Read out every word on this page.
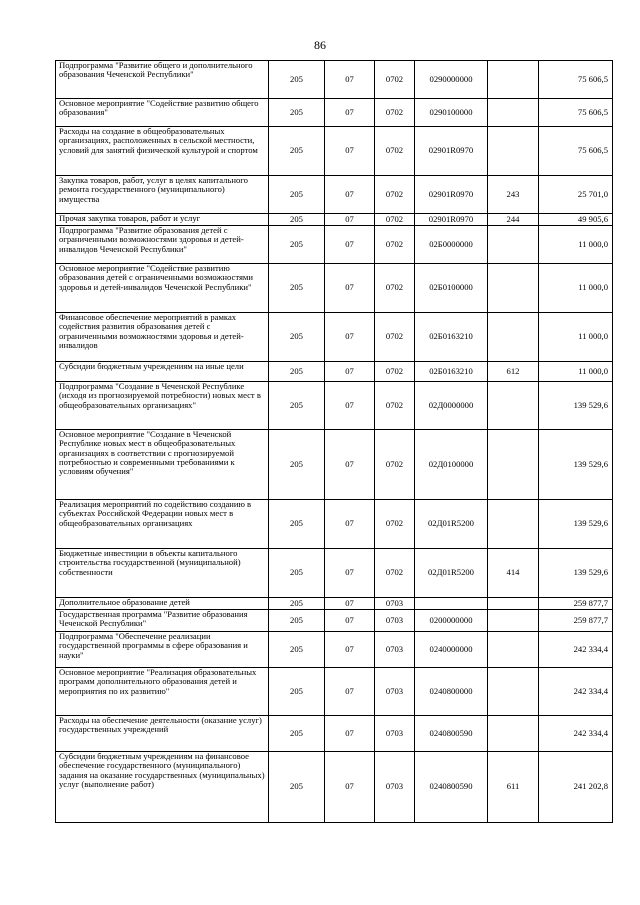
86
Подпрограмма "Развитие общего и дополнительного образования Чеченской Республики"	205	07	0702	0290000000		75 606,5
Основное мероприятие "Содействие развитию общего образования"	205	07	0702	0290100000		75 606,5
Расходы на создание в общеобразовательных организациях, расположенных в сельской местности, условий для занятий физической культурой и спортом	205	07	0702	02901R0970		75 606,5
Закупка товаров, работ, услуг в целях капитального ремонта государственного (муниципального) имущества	205	07	0702	02901R0970	243	25 701,0
Прочая закупка товаров, работ и услуг	205	07	0702	02901R0970	244	49 905,6
Подпрограмма "Развитие образования детей с ограниченными возможностями здоровья и детей-инвалидов Чеченской Республики"	205	07	0702	02Б0000000		11 000,0
Основное мероприятие "Содействие развитию образования детей с ограниченными возможностями здоровья и детей-инвалидов Чеченской Республики"	205	07	0702	02Б0100000		11 000,0
Финансовое обеспечение мероприятий в рамках содействия развития образования детей с ограниченными возможностями здоровья и детей-инвалидов	205	07	0702	02Б0163210		11 000,0
Субсидии бюджетным учреждениям на иные цели	205	07	0702	02Б0163210	612	11 000,0
Подпрограмма "Создание в Чеченской Республике (исходя из прогнозируемой потребности) новых мест в общеобразовательных организациях"	205	07	0702	02Д0000000		139 529,6
Основное мероприятие "Создание в Чеченской Республике новых мест в общеобразовательных организациях в соответствии с прогнозируемой потребностью и современными требованиями к условиям обучения"	205	07	0702	02Д0100000		139 529,6
Реализация мероприятий по содействию созданию в субъектах Российской Федерации новых мест в общеобразовательных организациях	205	07	0702	02Д01R5200		139 529,6
Бюджетные инвестиции в объекты капитального строительства государственной (муниципальной) собственности	205	07	0702	02Д01R5200	414	139 529,6
Дополнительное образование детей	205	07	0703			259 877,7
Государственная программа "Развитие образования Чеченской Республики"	205	07	0703	0200000000		259 877,7
Подпрограмма "Обеспечение реализации государственной программы в сфере образования и науки"	205	07	0703	0240000000		242 334,4
Основное мероприятие "Реализация образовательных программ дополнительного образования детей и мероприятия по их развитию"	205	07	0703	0240800000		242 334,4
Расходы на обеспечение деятельности (оказание услуг) государственных учреждений	205	07	0703	0240800590		242 334,4
Субсидии бюджетным учреждениям на финансовое обеспечение государственного (муниципального) задания на оказание государственных (муниципальных) услуг (выполнение работ)	205	07	0703	0240800590	611	241 202,8
